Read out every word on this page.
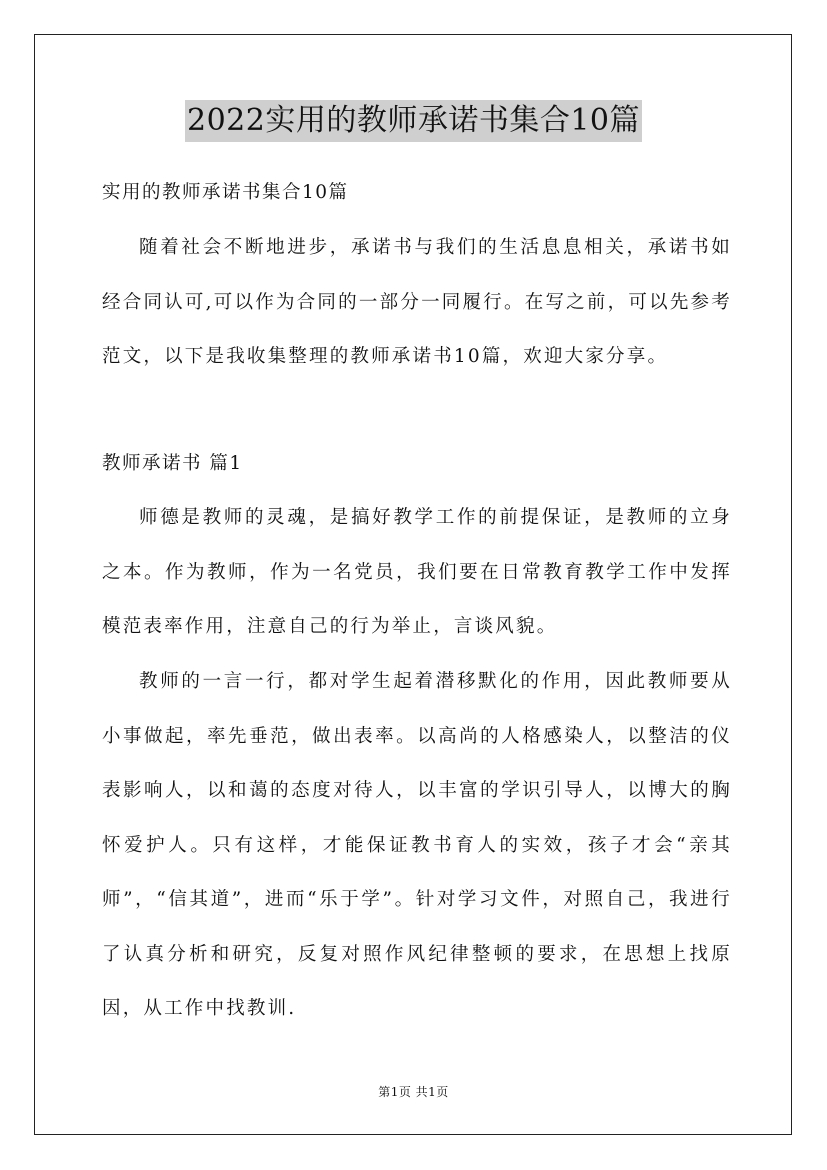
2022实用的教师承诺书集合10篇

实用的教师承诺书集合10篇

随着社会不断地进步，承诺书与我们的生活息息相关，承诺书如经合同认可,可以作为合同的一部分一同履行。在写之前，可以先参考范文，以下是我收集整理的教师承诺书10篇，欢迎大家分享。

教师承诺书 篇1

师德是教师的灵魂，是搞好教学工作的前提保证，是教师的立身之本。作为教师，作为一名党员，我们要在日常教育教学工作中发挥模范表率作用，注意自己的行为举止，言谈风貌。

教师的一言一行，都对学生起着潜移默化的作用，因此教师要从小事做起，率先垂范，做出表率。以高尚的人格感染人，以整洁的仪表影响人，以和蔼的态度对待人，以丰富的学识引导人，以博大的胸怀爱护人。只有这样，才能保证教书育人的实效，孩子才会“亲其师”，“信其道”，进而“乐于学”。针对学习文件，对照自己，我进行了认真分析和研究，反复对照作风纪律整顿的要求，在思想上找原因，从工作中找教训.

第1页 共1页
